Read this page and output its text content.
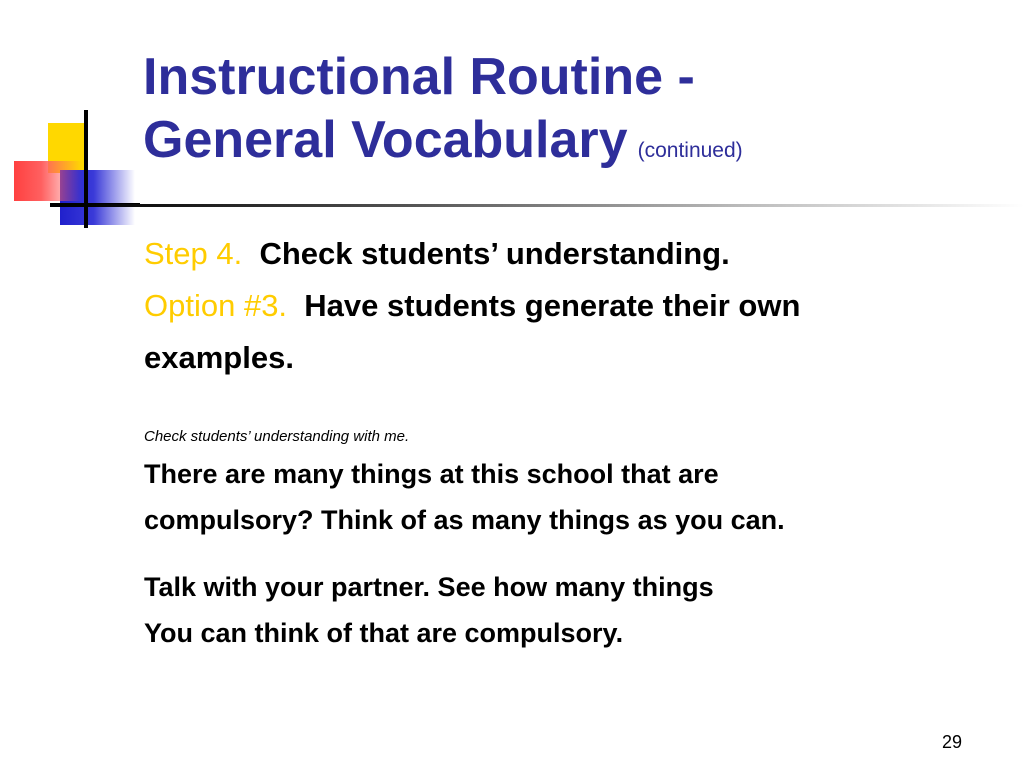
Instructional Routine -
General Vocabulary (continued)

Step 4. Check students’ understanding.

Option #3. Have students generate their own

examples.

Check students’ understanding with me.

There are many things at this school that are
compulsory? Think of as many things as you can.

Talk with your partner. See how many things
You can think of that are compulsory.

29
